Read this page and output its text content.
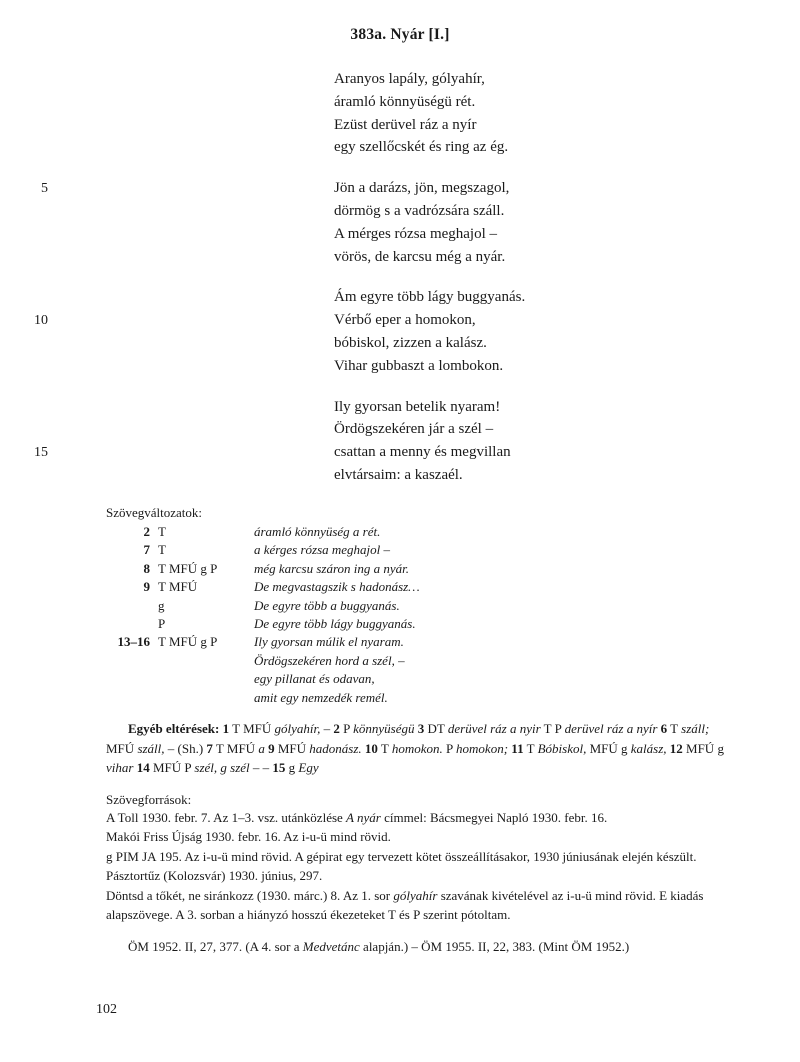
383a. Nyár [I.]
Aranyos lapály, gólyahír,
áramló könnyüségü rét.
Ezüst derüvel ráz a nyír
egy szellőcskét és ring az ég.
5	Jön a darázs, jön, megszagol,
dörmög s a vadrózsára száll.
A mérges rózsa meghajol –
vörös, de karcsu még a nyár.
Ám egyre több lágy buggyanás.
10	Vérbő eper a homokon,
bóbiskol, zizzen a kalász.
Vihar gubbaszt a lombokon.
Ily gyorsan betelik nyaram!
Ördögszekéren jár a szél –
15	csattan a menny és megvillan
elvtársaim: a kaszaél.
Szövegváltozatok:
2 T	áramló könnyüség a rét.
7 T	a kérges rózsa meghajol –
8 T MFÚ g P	még karcsu száron ing a nyár.
9 T MFÚ	De megvastagszik s hadonász…
g	De egyre több a buggyanás.
P	De egyre több lágy buggyanás.
13–16 T MFÚ g P	Ily gyorsan múlik el nyaram.
Ördögszekéren hord a szél, –
egy pillanat és odavan,
amit egy nemzedék remél.
Egyéb eltérések: 1 T MFÚ gólyahír, – 2 P könnyüségü 3 DT derüvel ráz a nyir T P derüvel ráz a nyír 6 T száll; MFÚ száll, – (Sh.) 7 T MFÚ a 9 MFÚ hadonász. 10 T homokon. P homokon; 11 T Bóbiskol, MFÚ g kalász, 12 MFÚ g vihar 14 MFÚ P szél, g szél – – 15 g Egy
Szövegforrások:
A Toll 1930. febr. 7. Az 1–3. vsz. utánközlése A nyár címmel: Bácsmegyei Napló 1930. febr. 16.
Makói Friss Újság 1930. febr. 16. Az i-u-ü mind rövid.
g PIM JA 195. Az i-u-ü mind rövid. A gépirat egy tervezett kötet összeállításakor, 1930 júniusának elején készült.
Pásztortűz (Kolozsvár) 1930. június, 297.
Döntsd a tőkét, ne siránkozz (1930. márc.) 8. Az 1. sor gólyahír szavának kivételével az i-u-ü mind rövid. E kiadás alapszövege. A 3. sorban a hiányzó hosszú ékezeteket T és P szerint pótoltam.
ÖM 1952. II, 27, 377. (A 4. sor a Medvetánc alapján.) – ÖM 1955. II, 22, 383. (Mint ÖM 1952.)
102
